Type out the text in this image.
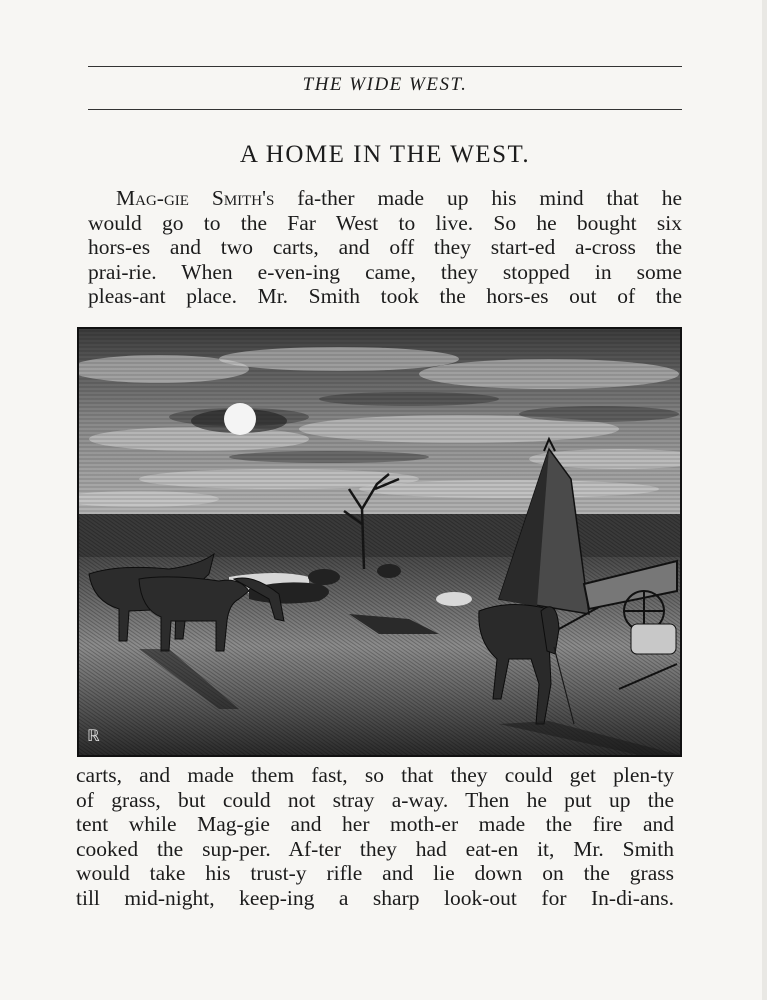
THE WIDE WEST.
A HOME IN THE WEST.
Mag-gie Smith's fa-ther made up his mind that he
would go to the Far West to live. So he bought six
hors-es and two carts, and off they start-ed a-cross the
prai-rie. When e-ven-ing came, they stopped in some
pleas-ant place. Mr. Smith took the hors-es out of the
ℝ
carts, and made them fast, so that they could get plen-ty
of grass, but could not stray a-way. Then he put up the
tent while Mag-gie and her moth-er made the fire and
cooked the sup-per. Af-ter they had eat-en it, Mr. Smith
would take his trust-y rifle and lie down on the grass
till mid-night, keep-ing a sharp look-out for In-di-ans.
